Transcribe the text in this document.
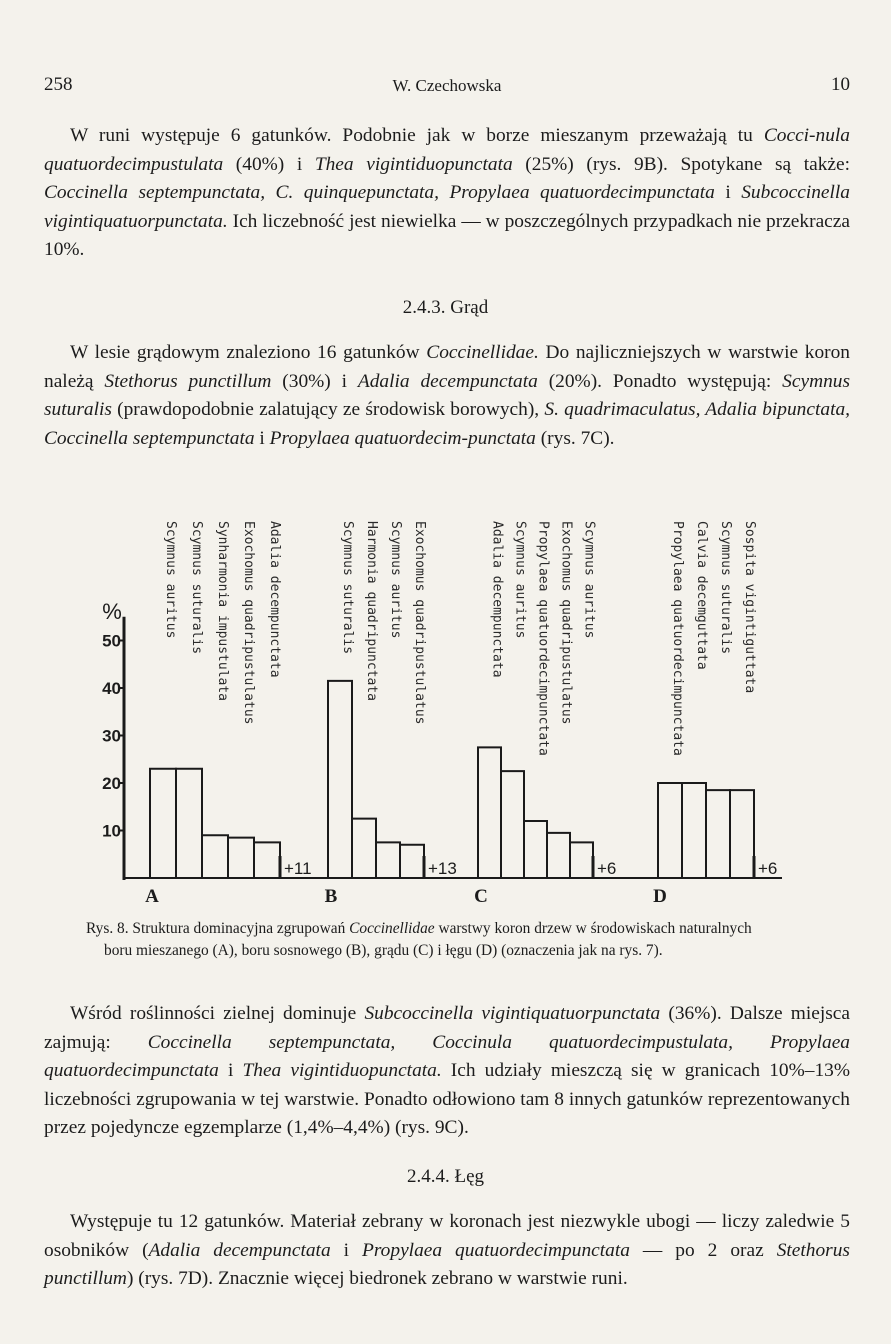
258	W. Czechowska	10

W runi występuje 6 gatunków. Podobnie jak w borze mieszanym przeważają tu Cocci-nula quatuordecimpustulata (40%) i Thea vigintiduopunctata (25%) (rys. 9B). Spotykane są także: Coccinella septempunctata, C. quinquepunctata, Propylaea quatuordecimpunctata i Subcoccinella vigintiquatuorpunctata. Ich liczebność jest niewielka — w poszczególnych przypadkach nie przekracza 10%.

2.4.3. Grąd

W lesie grądowym znaleziono 16 gatunków Coccinellidae. Do najliczniejszych w warstwie koron należą Stethorus punctillum (30%) i Adalia decempunctata (20%). Ponadto występują: Scymnus suturalis (prawdopodobnie zalatujący ze środowisk borowych), S. quadrimaculatus, Adalia bipunctata, Coccinella septempunctata i Propylaea quatuordecim-punctata (rys. 7C).

%
10
20
30
40
50
Scymnus auritus Scymnus suturalis Synharmonia impustulata Exochomus quadripustulatus Adalia decempunctata
+11
A
Scymnus suturalis Harmonia quadripunctata Scymnus auritus Exochomus quadripustulatus
+13
B
Adalia decempunctata Scymnus auritus Propylaea quatuordecimpunctata Exochomus quadripustulatus Scymnus auritus
+6
C
Propylaea quatuordecimpunctata Calvia decemguttata Scymnus suturalis Sospita vigintiguttata
+6
D
Rys. 8. Struktura dominacyjna zgrupowań Coccinellidae warstwy koron drzew w środowiskach naturalnych
boru mieszanego (A), boru sosnowego (B), grądu (C) i łęgu (D) (oznaczenia jak na rys. 7).

Wśród roślinności zielnej dominuje Subcoccinella vigintiquatuorpunctata (36%). Dalsze miejsca zajmują: Coccinella septempunctata, Coccinula quatuordecimpustulata, Propylaea quatuordecimpunctata i Thea vigintiduopunctata. Ich udziały mieszczą się w granicach 10%–13% liczebności zgrupowania w tej warstwie. Ponadto odłowiono tam 8 innych gatunków reprezentowanych przez pojedyncze egzemplarze (1,4%–4,4%) (rys. 9C).

2.4.4. Łęg

Występuje tu 12 gatunków. Materiał zebrany w koronach jest niezwykle ubogi — liczy zaledwie 5 osobników (Adalia decempunctata i Propylaea quatuordecimpunctata — po 2 oraz Stethorus punctillum) (rys. 7D). Znacznie więcej biedronek zebrano w warstwie runi.
